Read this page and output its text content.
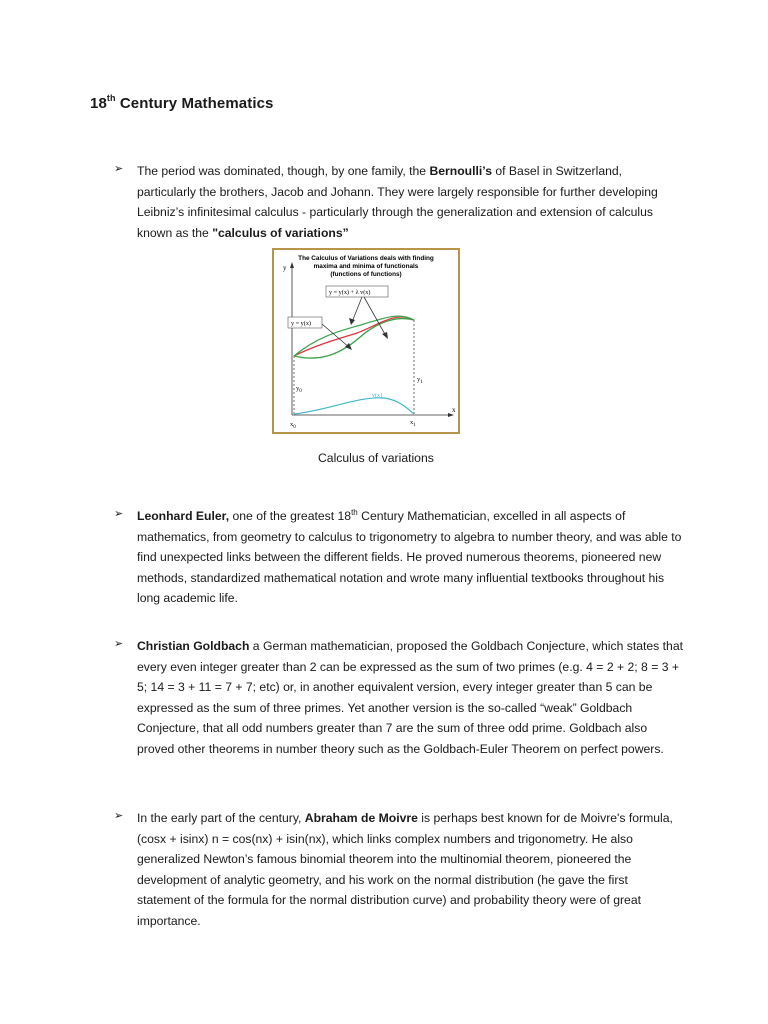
18th Century Mathematics
➢ The period was dominated, though, by one family, the Bernoulli’s of Basel in Switzerland, particularly the brothers, Jacob and Johann. They were largely responsible for further developing Leibniz’s infinitesimal calculus - particularly through the generalization and extension of calculus known as the "calculus of variations”

The Calculus of Variations deals with finding
maxima and minima of functionals
(functions of functions)
y
x
y = y(x) + λ v(x)
y = y(x)
$y_0$
$y_1$
$x_0$
$x_1$
v(x)
Calculus of variations
➢ Leonhard Euler, one of the greatest 18th Century Mathematician, excelled in all aspects of mathematics, from geometry to calculus to trigonometry to algebra to number theory, and was able to find unexpected links between the different fields. He proved numerous theorems, pioneered new methods, standardized mathematical notation and wrote many influential textbooks throughout his long academic life.

➢ Christian Goldbach a German mathematician, proposed the Goldbach Conjecture, which states that every even integer greater than 2 can be expressed as the sum of two primes (e.g. 4 = 2 + 2; 8 = 3 + 5; 14 = 3 + 11 = 7 + 7; etc) or, in another equivalent version, every integer greater than 5 can be expressed as the sum of three primes. Yet another version is the so-called “weak” Goldbach Conjecture, that all odd numbers greater than 7 are the sum of three odd prime. Goldbach also proved other theorems in number theory such as the Goldbach-Euler Theorem on perfect powers.

➢ In the early part of the century, Abraham de Moivre is perhaps best known for de Moivre's formula, (cosx + isinx) n = cos(nx) + isin(nx), which links complex numbers and trigonometry. He also generalized Newton’s famous binomial theorem into the multinomial theorem, pioneered the development of analytic geometry, and his work on the normal distribution (he gave the first statement of the formula for the normal distribution curve) and probability theory were of great importance.
